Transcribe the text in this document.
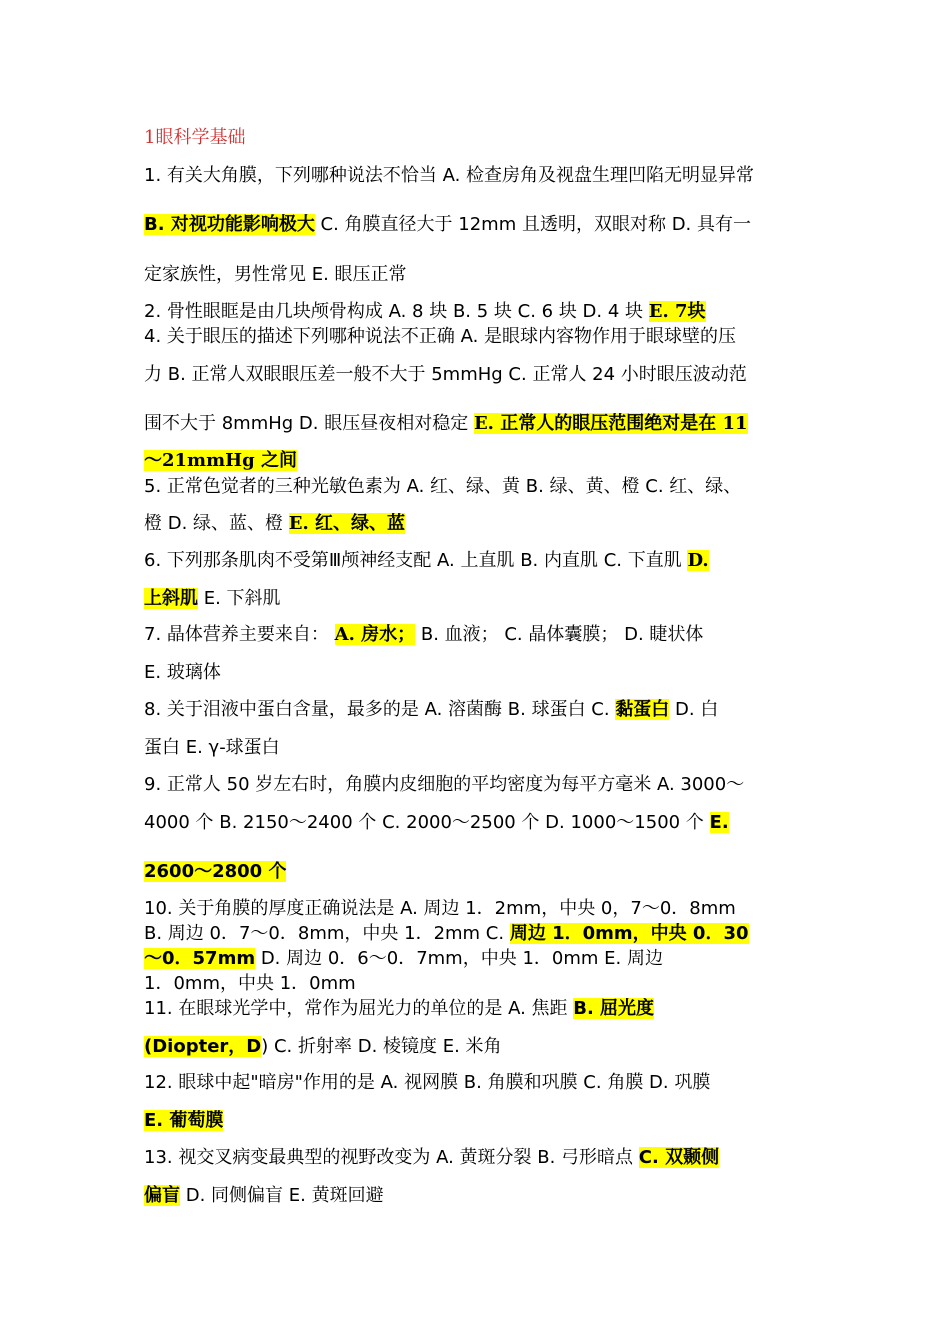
1眼科学基础
1. 有关大角膜，下列哪种说法不恰当 A. 检查房角及视盘生理凹陷无明显异常
B. 对视功能影响极大 C. 角膜直径大于 12mm 且透明，双眼对称 D. 具有一
定家族性，男性常见 E. 眼压正常
2. 骨性眼眶是由几块颅骨构成 A. 8 块 B. 5 块 C. 6 块 D. 4 块 E. 7块
4. 关于眼压的描述下列哪种说法不正确 A. 是眼球内容物作用于眼球壁的压
力 B. 正常人双眼眼压差一般不大于 5mmHg C. 正常人 24 小时眼压波动范
围不大于 8mmHg D. 眼压昼夜相对稳定 E. 正常人的眼压范围绝对是在 11
～21mmHg 之间
5. 正常色觉者的三种光敏色素为 A. 红、绿、黄 B. 绿、黄、橙 C. 红、绿、
橙 D. 绿、蓝、橙 E. 红、绿、蓝
6. 下列那条肌肉不受第Ⅲ颅神经支配 A. 上直肌 B. 内直肌 C. 下直肌 D.
上斜肌 E. 下斜肌
7. 晶体营养主要来自： A. 房水； B. 血液； C. 晶体囊膜； D. 睫状体
E. 玻璃体
8. 关于泪液中蛋白含量，最多的是 A. 溶菌酶 B. 球蛋白 C. 黏蛋白 D. 白
蛋白 E. γ-球蛋白
9. 正常人 50 岁左右时，角膜内皮细胞的平均密度为每平方毫米 A. 3000～
4000 个 B. 2150～2400 个 C. 2000～2500 个 D. 1000～1500 个 E.
2600～2800 个
10. 关于角膜的厚度正确说法是 A. 周边 1．2mm，中央 0，7～0．8mm
B. 周边 0．7～0．8mm，中央 1．2mm C. 周边 1．0mm，中央 0．30
～0．57mm D. 周边 0．6～0．7mm，中央 1．0mm E. 周边
1．0mm，中央 1．0mm
11. 在眼球光学中，常作为屈光力的单位的是 A. 焦距 B. 屈光度
(Diopter，D) C. 折射率 D. 棱镜度 E. 米角
12. 眼球中起"暗房"作用的是 A. 视网膜 B. 角膜和巩膜 C. 角膜 D. 巩膜
E. 葡萄膜
13. 视交叉病变最典型的视野改变为 A. 黄斑分裂 B. 弓形暗点 C. 双颞侧
偏盲 D. 同侧偏盲 E. 黄斑回避
